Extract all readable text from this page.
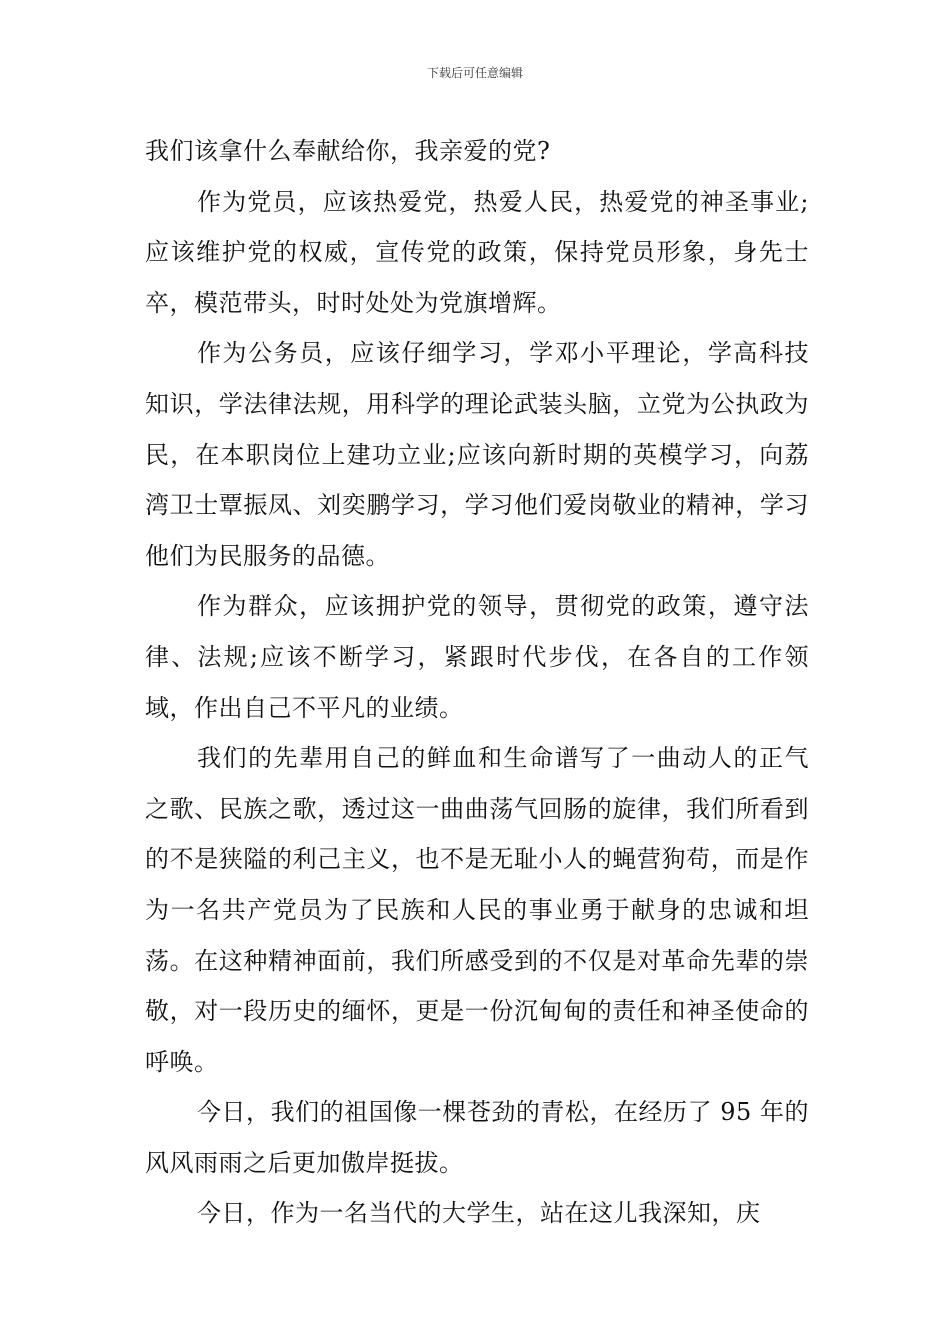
下载后可任意编辑

我们该拿什么奉献给你，我亲爱的党?

作为党员，应该热爱党，热爱人民，热爱党的神圣事业;应该维护党的权威，宣传党的政策，保持党员形象，身先士卒，模范带头，时时处处为党旗增辉。

作为公务员，应该仔细学习，学邓小平理论，学高科技知识，学法律法规，用科学的理论武装头脑，立党为公执政为民，在本职岗位上建功立业;应该向新时期的英模学习，向荔湾卫士覃振凤、刘奕鹏学习，学习他们爱岗敬业的精神，学习他们为民服务的品德。

作为群众，应该拥护党的领导，贯彻党的政策，遵守法律、法规;应该不断学习，紧跟时代步伐，在各自的工作领域，作出自己不平凡的业绩。

我们的先辈用自己的鲜血和生命谱写了一曲动人的正气之歌、民族之歌，透过这一曲曲荡气回肠的旋律，我们所看到的不是狭隘的利己主义，也不是无耻小人的蝇营狗苟，而是作为一名共产党员为了民族和人民的事业勇于献身的忠诚和坦荡。在这种精神面前，我们所感受到的不仅是对革命先辈的崇敬，对一段历史的缅怀，更是一份沉甸甸的责任和神圣使命的呼唤。

今日，我们的祖国像一棵苍劲的青松，在经历了 95 年的风风雨雨之后更加傲岸挺拔。

今日，作为一名当代的大学生，站在这儿我深知，庆
